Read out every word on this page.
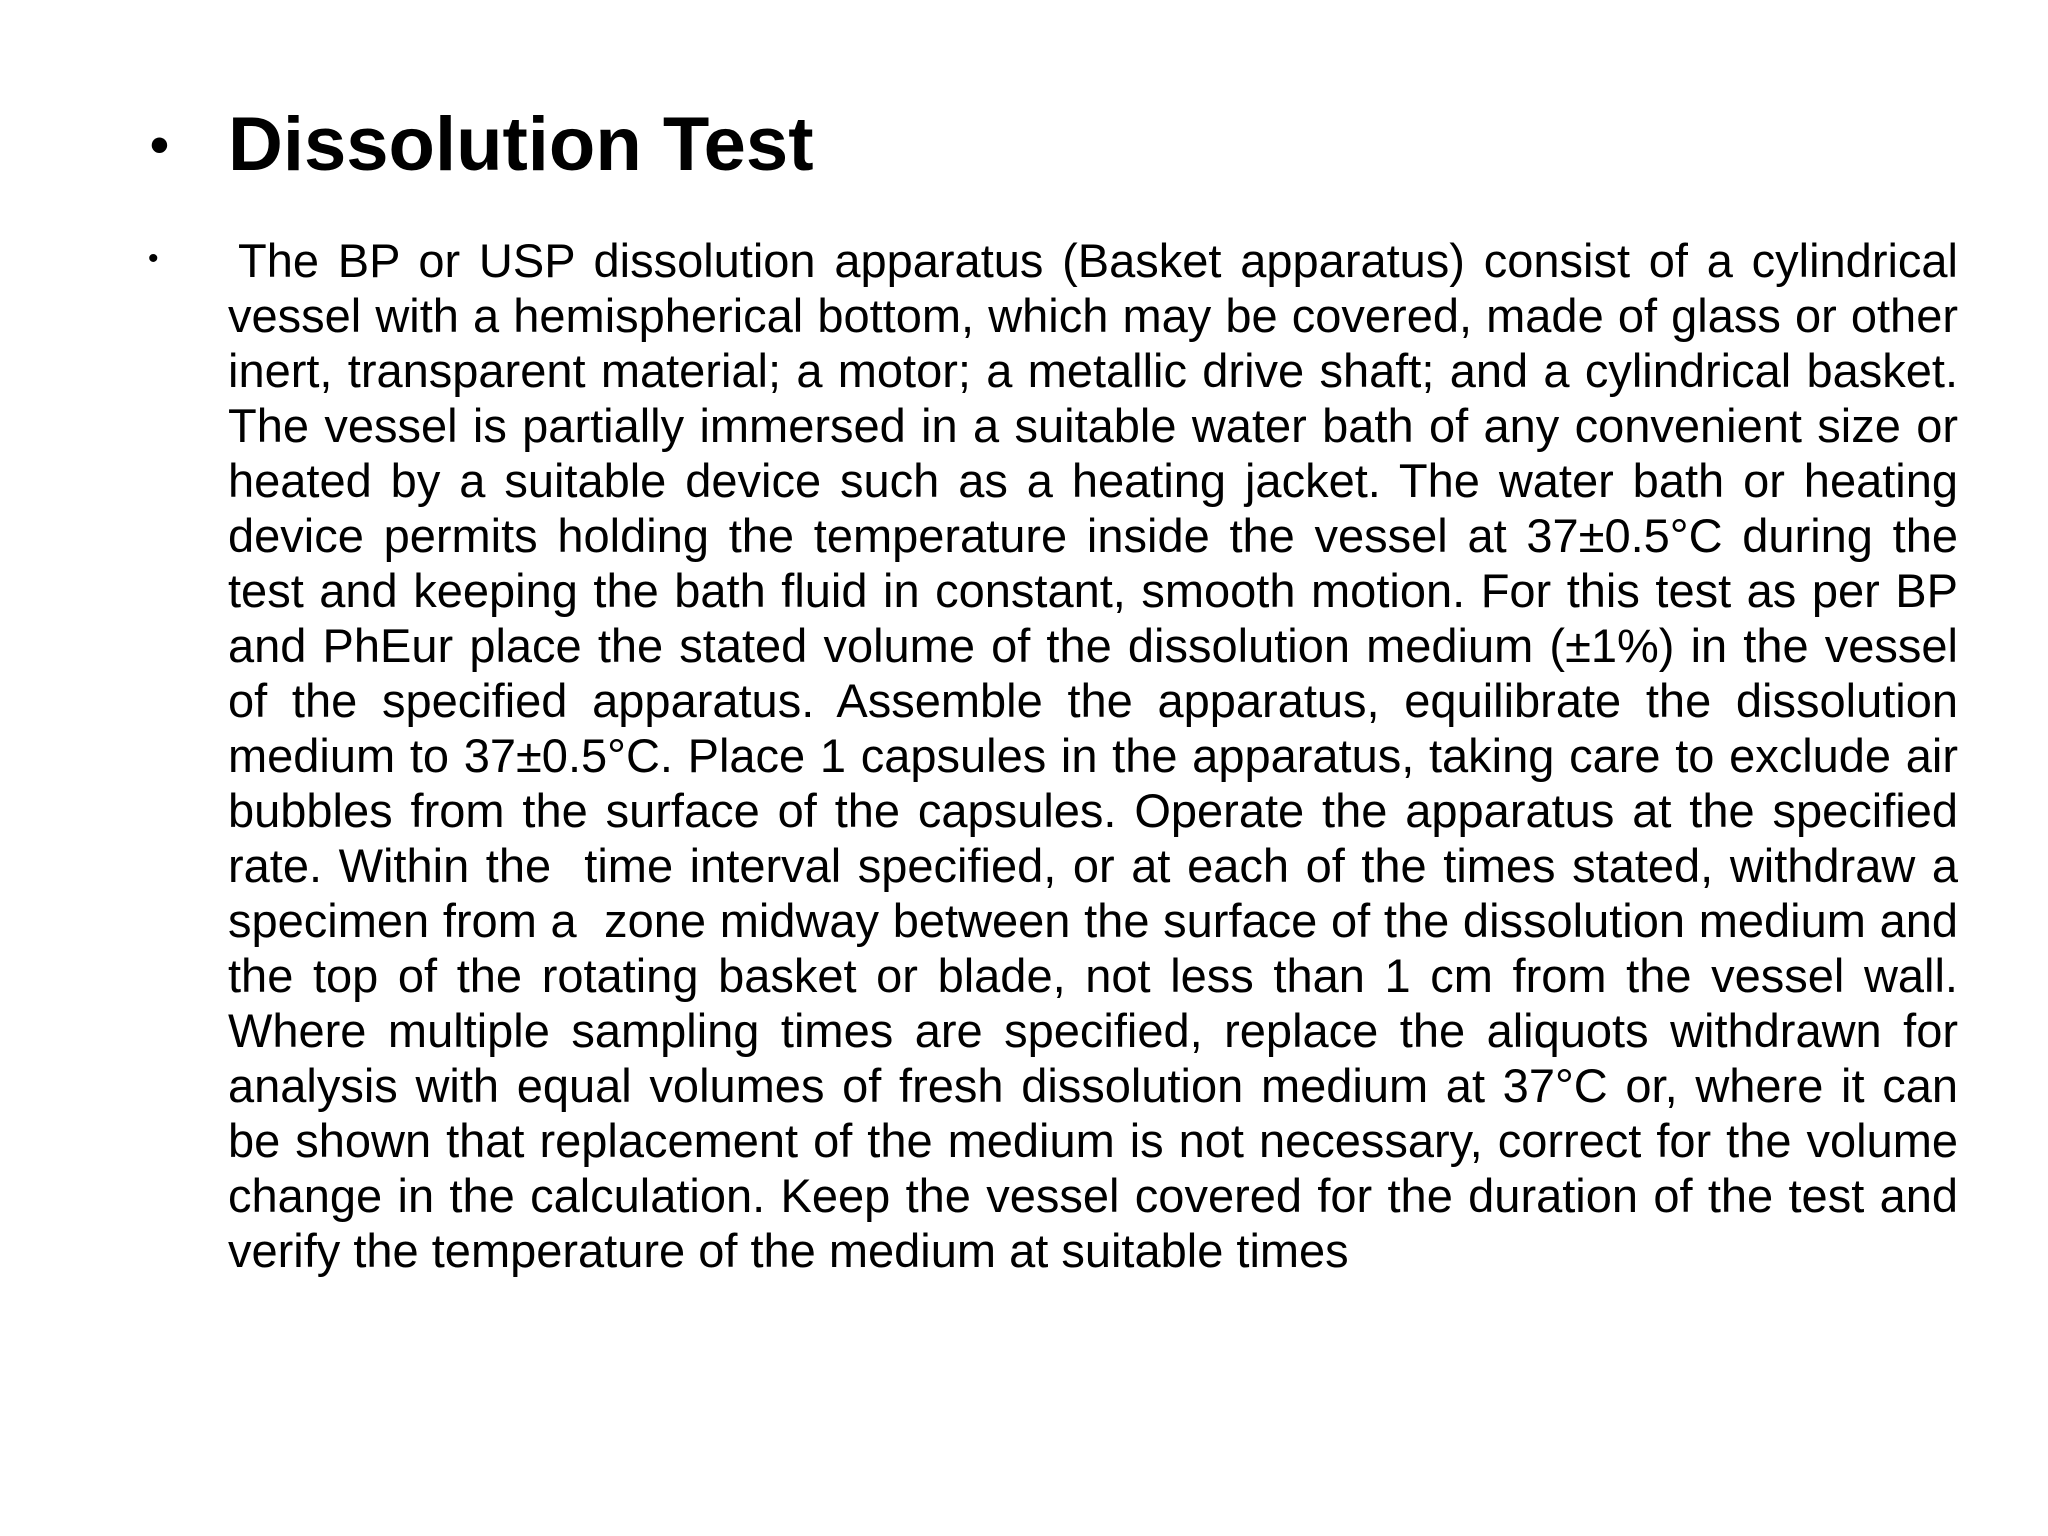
• Dissolution Test
• The BP or USP dissolution apparatus (Basket apparatus) consist of a cylindrical vessel with a hemispherical bottom, which may be covered, made of glass or other inert, transparent material; a motor; a metallic drive shaft; and a cylindrical basket. The vessel is partially immersed in a suitable water bath of any convenient size or heated by a suitable device such as a heating jacket. The water bath or heating device permits holding the temperature inside the vessel at 37±0.5°C during the test and keeping the bath fluid in constant, smooth motion. For this test as per BP and PhEur place the stated volume of the dissolution medium (±1%) in the vessel of the specified apparatus. Assemble the apparatus, equilibrate the dissolution medium to 37±0.5°C. Place 1 capsules in the apparatus, taking care to exclude air bubbles from the surface of the capsules. Operate the apparatus at the specified rate. Within the  time interval specified, or at each of the times stated, withdraw a specimen from a  zone midway between the surface of the dissolution medium and the top of the rotating basket or blade, not less than 1 cm from the vessel wall. Where multiple sampling times are specified, replace the aliquots withdrawn for analysis with equal volumes of fresh dissolution medium at 37°C or, where it can be shown that replacement of the medium is not necessary, correct for the volume change in the calculation. Keep the vessel covered for the duration of the test and verify the temperature of the medium at suitable times
